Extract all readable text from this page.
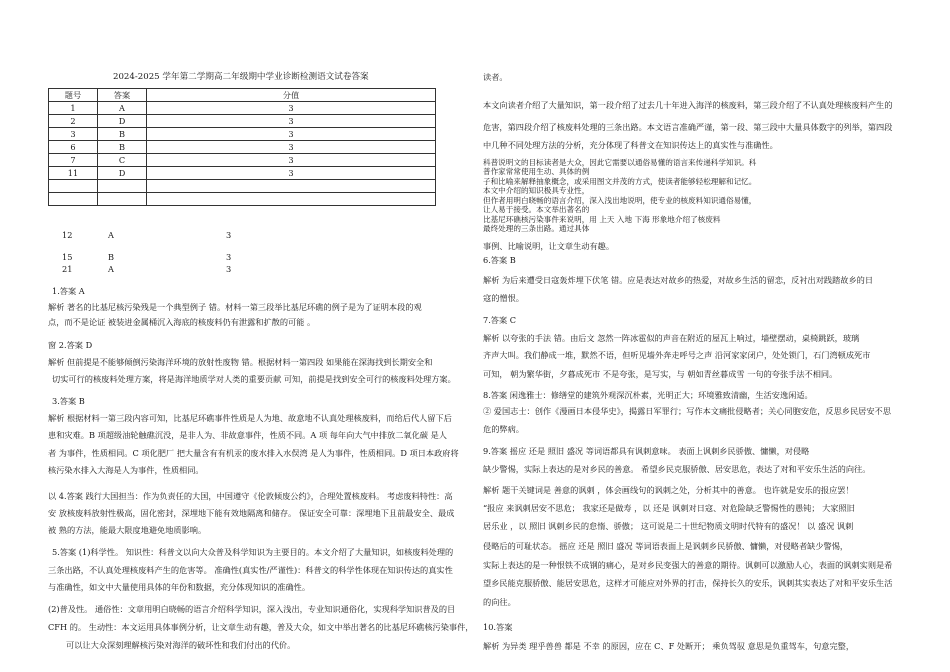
2024-2025 学年第二学期高二年级期中学业诊断检测语文试卷答案
题号	答案	分值
1	A	3
2	D	3
3	B	3
6	B	3
7	C	3
11	D	3

12	A	3
15	B	3
21	A	3
1.答案 A
解析 著名的比基尼核污染残是一个典型例子 错。材料一第三段举比基尼环礁的例子是为了证明本段的观
点，而不是论证 被装进金属桶沉入海底的核废料仍有泄露和扩散的可能 。
窗 2.答案 D
解析 但前提是不能够倾倒污染海洋环境的放射性废物 错。根据材料一第四段 如果能在深海找到长期安全和
切实可行的核废料处理方案，将是海洋地质学对人类的重要贡献 可知，前提是找到安全可行的核废料处理方案。
3.答案 B
解析 根据材料一第三段内容可知，比基尼环礁事件性质是人为地、故意地不认真处理核废料，而给后代人留下后
患和灾难。B 项超级油轮触礁沉没，是非人为、非故意事件，性质不同。A 项 每年向大气中排放二氧化碳 是人
者 为事件，性质相同。C 项化肥厂 把大量含有有机汞的废水排入水俣湾 是人为事件，性质相同。D 项日本政府将
核污染水排入大海是人为事件，性质相同。
以 4.答案 践行大国担当：作为负责任的大国，中国遵守《伦敦倾废公约》，合理处置核废料。 考虑废料特性：高
安 放核废料放射性极高，固化密封，深埋地下能有效地隔离和储存。 保证安全可靠：深埋地下且前最安全、最成
被 熟的方法，能最大限度地避免地质影响。
5.答案 (1)科学性。 知识性：科普文以向大众普及科学知识为主要目的。本文介绍了大量知识，如核废料处理的
三条出路，不认真处理核废料产生的危害等。 准确性(真实性/严谨性)：科普文的科学性体现在知识传达的真实性
与准确性，如文中大量使用具体的年份和数据，充分体现知识的准确性。
(2)普及性。 通俗性：文章用明白晓畅的语言介绍科学知识，深入浅出，专业知识通俗化，实现科学知识普及的目
CFH 的。 生动性：本文运用具体事例分析，让文章生动有趣，普及大众，如文中举出著名的比基尼环礁核污染事件，
可以让大众深刻理解核污染对海洋的破坏性和我们付出的代价。
读者。
本文向读者介绍了大量知识，第一段介绍了过去几十年进入海洋的核废料，第三段介绍了不认真处理核废料产生的
危害，第四段介绍了核废料处理的三条出路。本文语言准确严谨，第一段、第三段中大量具体数字的列举，第四段
中几种不同处理方法的分析，充分体现了科普文在知识传达上的真实性与准确性。
科普说明文的目标读者是大众，因此它需要以通俗易懂的语言来传递科学知识。科
普作家常常使用生动、具体的例
子和比喻来解释抽象概念，或采用图文并茂的方式，使读者能够轻松理解和记忆。
本文中介绍的知识极具专业性，
但作者用明白晓畅的语言介绍，深入浅出地说明，使专业的核废料知识通俗易懂，
让人易于接受。本文举出著名的
比基尼环礁核污染事件来说明，用 上天 入地 下海 形象地介绍了核废料
最终处理的三条出路。通过具体
事例、比喻说明，让文章生动有趣。
6.答案 B
解析 为后来遭受日寇轰炸埋下伏笔 错。应是表达对故乡的热爱，对故乡生活的留恋，反衬出对践踏故乡的日
寇的憎恨。
7.答案 C
解析 以夸张的手法 错。由后文 忽然一阵冰雹似的声音在附近的屋瓦上响过，墙壁摆动，桌椅跳跃，玻璃
齐声大叫。我们静成一堆，默然不语，但听见墙外奔走呼号之声 沿河家家闭户，处处锁门，石门湾顿成死市
可知， 朝为繁华街，夕暮成死市 不是夸张，是写实，与 朝如青丝暮成雪 一句的夸张手法不相同。
8.答案 闲逸雅士：修缮堂的建筑外观深沉朴素，光明正大；环境雅致清幽，生活安逸闲适。
② 爱国志士：创作《漫画日本侵华史》，揭露日军罪行；写作本文痛批侵略者；关心同胞安危，反思乡民居安不思
危的弊病。
9.答案 摇应 还是 照旧 盛况 等词语都具有讽刺意味。 表面上讽刺乡民骄傲、慵懒，对侵略
缺少警惕，实际上表达的是对乡民的善意。 希望乡民克服骄傲、居安思危，表达了对和平安乐生活的向往。
解析 题干关键词是 善意的讽刺 ，体会画线句的讽刺之处，分析其中的善意。 也许就是安乐的报应罢！
“报应 来讽刺居安不思危； 我家还是做寿 ，以 还是 讽刺对日寇、对危险缺乏警惕性的愚钝； 大家照旧
居乐业 ，以 照旧 讽刺乡民的怠惰、骄傲； 这可说是二十世纪物质文明时代特有的盛况！ 以 盛况 讽刺
侵略后的可耻状态。 摇应 还是 照旧 盛况 等词语表面上是讽刺乡民骄傲、慵懒，对侵略者缺少警惕，
实际上表达的是一种恨铁不成钢的痛心，是对乡民变强大的善意的期待。讽刺可以激励人心，表面的讽刺实则是希
望乡民能克服骄傲、能居安思危，这样才可能应对外界的打击，保持长久的安乐，讽刺其实表达了对和平安乐生活
的向往。
10.答案
解析 为异类 理乎兽兽 都是 不幸 的原因，应在 C、F 处断开； 乘负驾驭 意思是负重驾车，句意完整，
